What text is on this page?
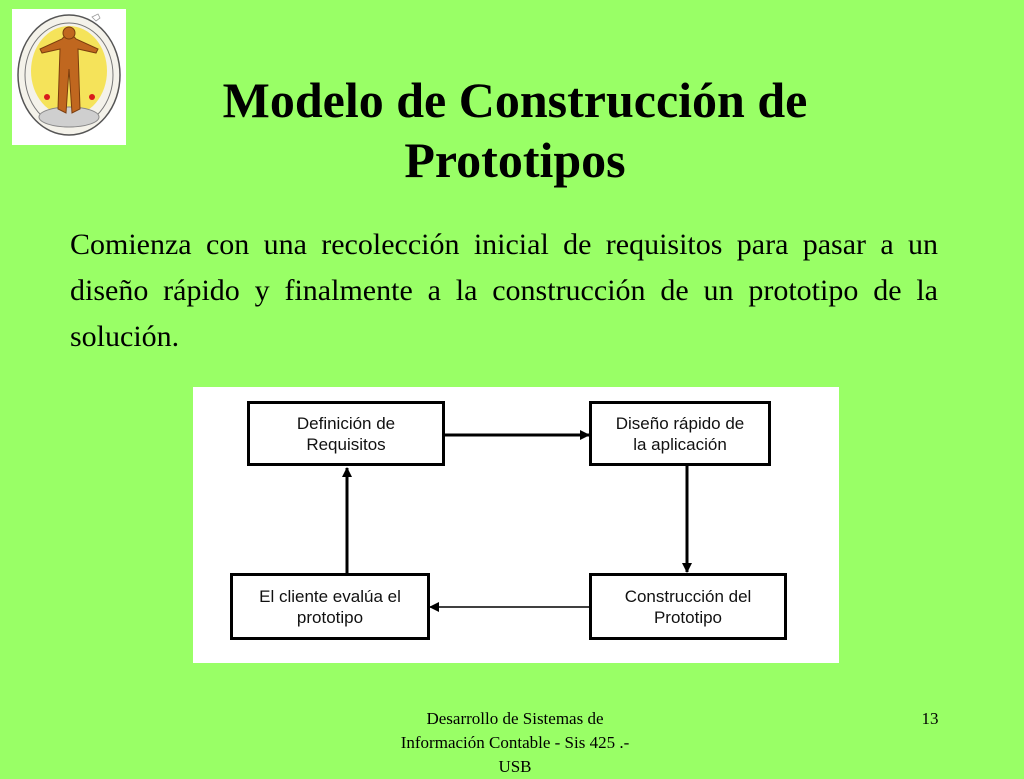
Modelo de Construcción de
Prototipos
Comienza con una recolección inicial de requisitos para pasar a un diseño rápido y finalmente a la construcción de un prototipo de la solución.
Definición de
Requisitos
Diseño rápido de
la aplicación
Construcción del
Prototipo
El cliente evalúa el
prototipo
Desarrollo de Sistemas de
Información Contable - Sis 425 .-
USB
13
